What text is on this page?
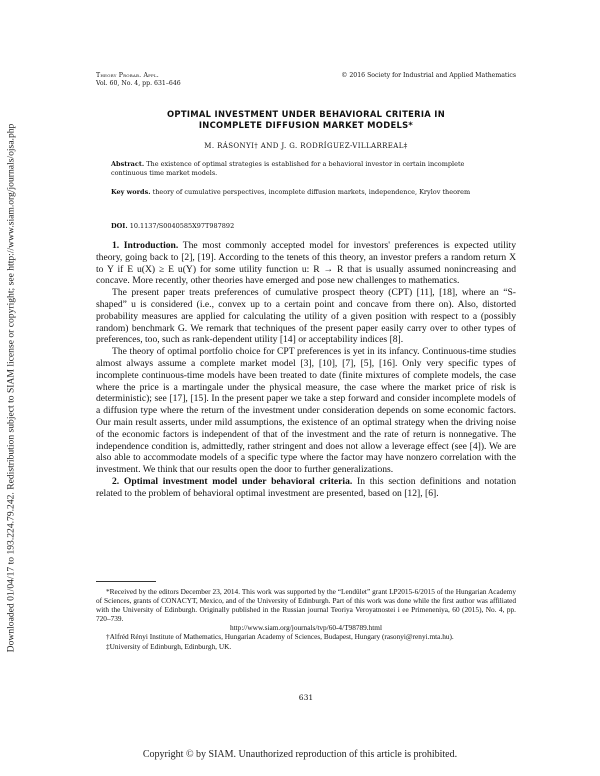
Downloaded 01/04/17 to 193.224.79.242. Redistribution subject to SIAM license or copyright; see http://www.siam.org/journals/ojsa.php
Theory Probab. Appl.
Vol. 60, No. 4, pp. 631–646
© 2016 Society for Industrial and Applied Mathematics
OPTIMAL INVESTMENT UNDER BEHAVIORAL CRITERIA IN
INCOMPLETE DIFFUSION MARKET MODELS*
M. RÁSONYI† AND J. G. RODRÍGUEZ-VILLARREAL‡
Abstract. The existence of optimal strategies is established for a behavioral investor in certain incomplete continuous time market models.
Key words. theory of cumulative perspectives, incomplete diffusion markets, independence, Krylov theorem
DOI. 10.1137/S0040585X97T987892

1. Introduction. The most commonly accepted model for investors' preferences is expected utility theory, going back to [2], [19]. According to the tenets of this theory, an investor prefers a random return X to Y if E u(X) ≥ E u(Y) for some utility function u: R → R that is usually assumed nonincreasing and concave. More recently, other theories have emerged and pose new challenges to mathematics.

The present paper treats preferences of cumulative prospect theory (CPT) [11], [18], where an “S-shaped” u is considered (i.e., convex up to a certain point and concave from there on). Also, distorted probability measures are applied for calculating the utility of a given position with respect to a (possibly random) benchmark G. We remark that techniques of the present paper easily carry over to other types of preferences, too, such as rank-dependent utility [14] or acceptability indices [8].

The theory of optimal portfolio choice for CPT preferences is yet in its infancy. Continuous-time studies almost always assume a complete market model [3], [10], [7], [5], [16]. Only very specific types of incomplete continuous-time models have been treated to date (finite mixtures of complete models, the case where the price is a martingale under the physical measure, the case where the market price of risk is deterministic); see [17], [15]. In the present paper we take a step forward and consider incomplete models of a diffusion type where the return of the investment under consideration depends on some economic factors. Our main result asserts, under mild assumptions, the existence of an optimal strategy when the driving noise of the economic factors is independent of that of the investment and the rate of return is nonnegative. The independence condition is, admittedly, rather stringent and does not allow a leverage effect (see [4]). We are also able to accommodate models of a specific type where the factor may have nonzero correlation with the investment. We think that our results open the door to further generalizations.

2. Optimal investment model under behavioral criteria. In this section definitions and notation related to the problem of behavioral optimal investment are presented, based on [12], [6].

*Received by the editors December 23, 2014. This work was supported by the “Lendület” grant LP2015-6/2015 of the Hungarian Academy of Sciences, grants of CONACYT, Mexico, and of the University of Edinburgh. Part of this work was done while the first author was affiliated with the University of Edinburgh. Originally published in the Russian journal Teoriya Veroyatnostei i ee Primeneniya, 60 (2015), No. 4, pp. 720–739.

http://www.siam.org/journals/tvp/60-4/T98789.html

†Alfréd Rényi Institute of Mathematics, Hungarian Academy of Sciences, Budapest, Hungary (rasonyi@renyi.mta.hu).

‡University of Edinburgh, Edinburgh, UK.

631
Copyright © by SIAM. Unauthorized reproduction of this article is prohibited.
